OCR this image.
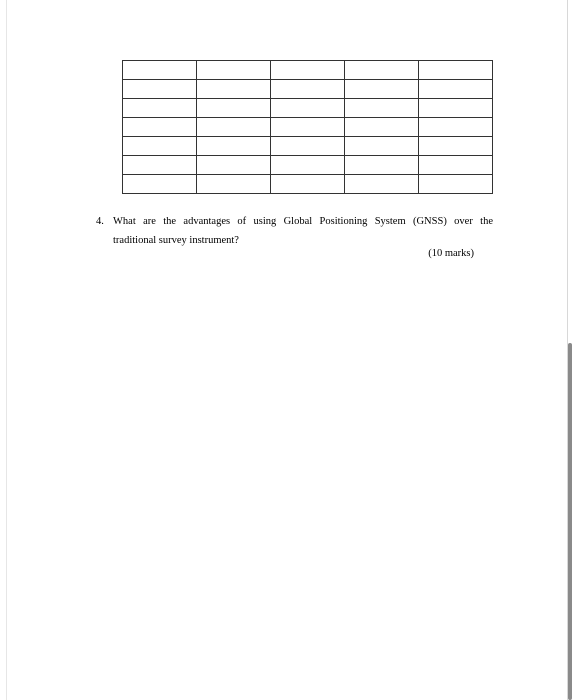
4. What are the advantages of using Global Positioning System (GNSS) over the
traditional survey instrument?
(10 marks)
